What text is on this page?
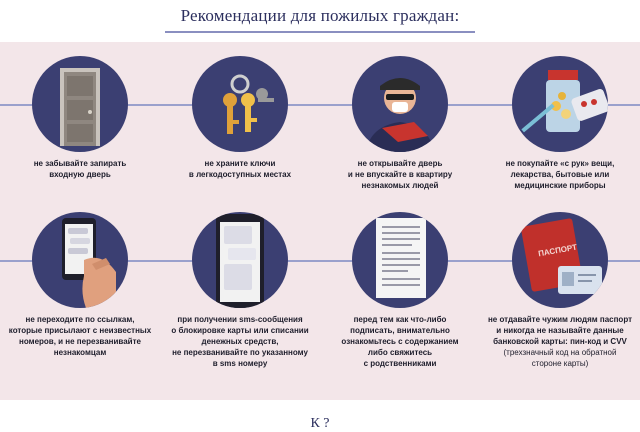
Рекомендации для пожилых граждан:
не забывайте запирать
входную дверь
не храните ключи
в легкодоступных местах
не открывайте дверь
и не впускайте в квартиру
незнакомых людей
не покупайте «с рук» вещи,
лекарства, бытовые или
медицинские приборы
не переходите по ссылкам,
которые присылают с неизвестных
номеров, и не перезванивайте
незнакомцам
при получении sms-сообщения
о блокировке карты или списании
денежных средств,
не перезванивайте по указанному
в sms номеру
перед тем как что-либо
подписать, внимательно
ознакомьтесь с содержанием
либо свяжитесь
с родственниками
ПАСПОРТ
не отдавайте чужим людям паспорт
и никогда не называйте данные
банковской карты: пин-код и CVV
(трехзначный код на обратной
стороне карты)
К ?
